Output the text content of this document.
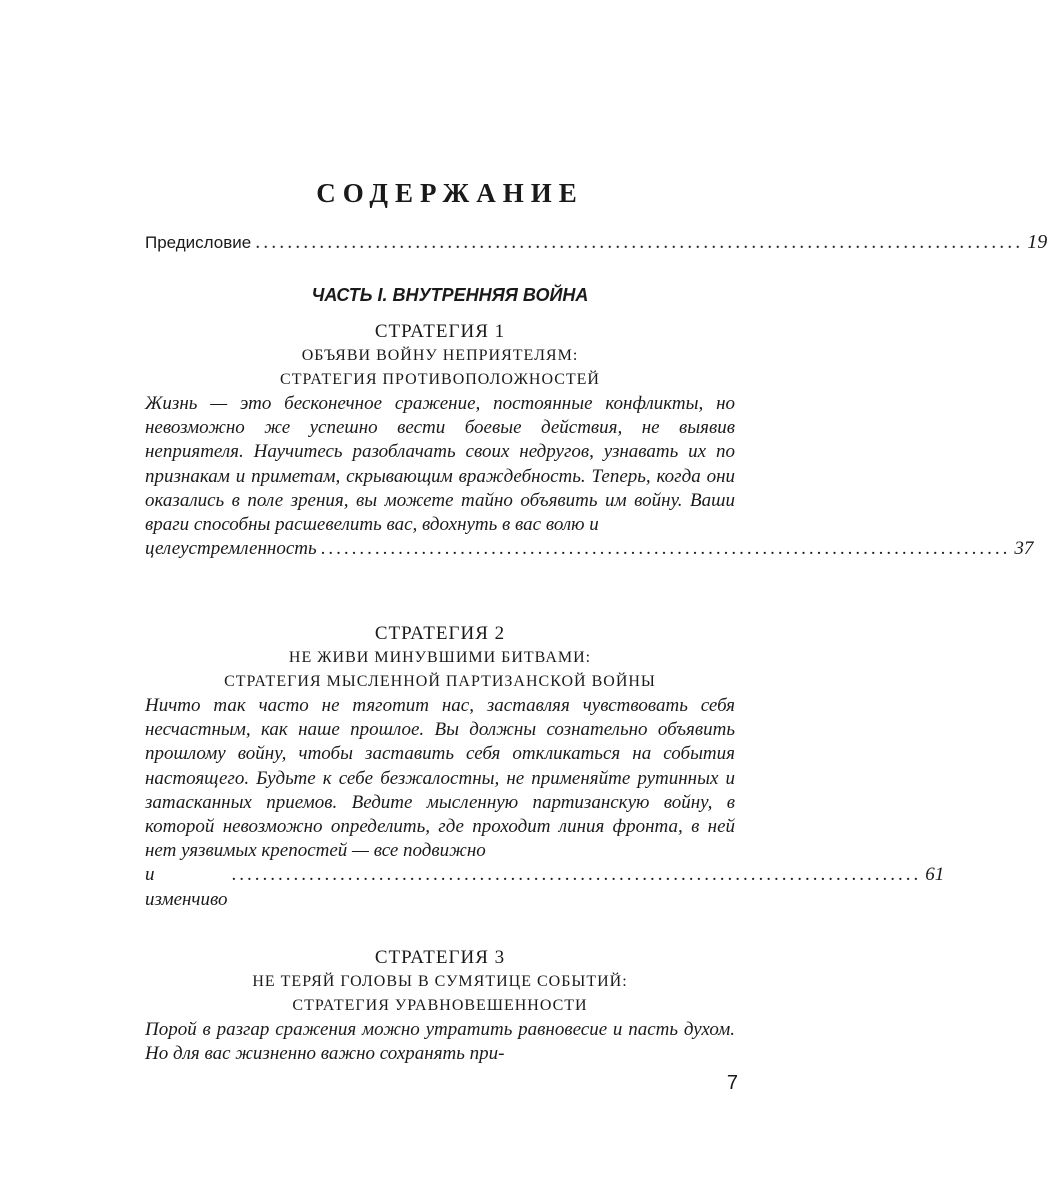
СОДЕРЖАНИЕ
Предисловие ................................................................................................ 19
ЧАСТЬ I. ВНУТРЕННЯЯ ВОЙНА
СТРАТЕГИЯ 1
ОБЪЯВИ ВОЙНУ НЕПРИЯТЕЛЯМ:
СТРАТЕГИЯ ПРОТИВОПОЛОЖНОСТЕЙ
Жизнь — это бесконечное сражение, постоянные конфликты, но невозможно же успешно вести боевые действия, не выявив неприятеля. Научитесь разоблачать своих недругов, узнавать их по признакам и приметам, скрывающим враждебность. Теперь, когда они оказались в поле зрения, вы можете тайно объявить им войну. Ваши враги способны расшевелить вас, вдохнуть в вас волю и
целеустремленность ......................................................................................... 37
СТРАТЕГИЯ 2
НЕ ЖИВИ МИНУВШИМИ БИТВАМИ:
СТРАТЕГИЯ МЫСЛЕННОЙ ПАРТИЗАНСКОЙ ВОЙНЫ
Ничто так часто не тяготит нас, заставляя чувствовать себя несчастным, как наше прошлое. Вы должны сознательно объявить прошлому войну, чтобы заставить себя откликаться на события настоящего. Будьте к себе безжалостны, не применяйте рутинных и затасканных приемов. Ведите мысленную партизанскую войну, в которой невозможно определить, где проходит линия фронта, в ней нет уязвимых крепостей — все подвижно
и изменчиво
......................................................................................... 61
СТРАТЕГИЯ 3
НЕ ТЕРЯЙ ГОЛОВЫ В СУМЯТИЦЕ СОБЫТИЙ:
СТРАТЕГИЯ УРАВНОВЕШЕННОСТИ
Порой в разгар сражения можно утратить равновесие и пасть духом. Но для вас жизненно важно сохранять при-
7
